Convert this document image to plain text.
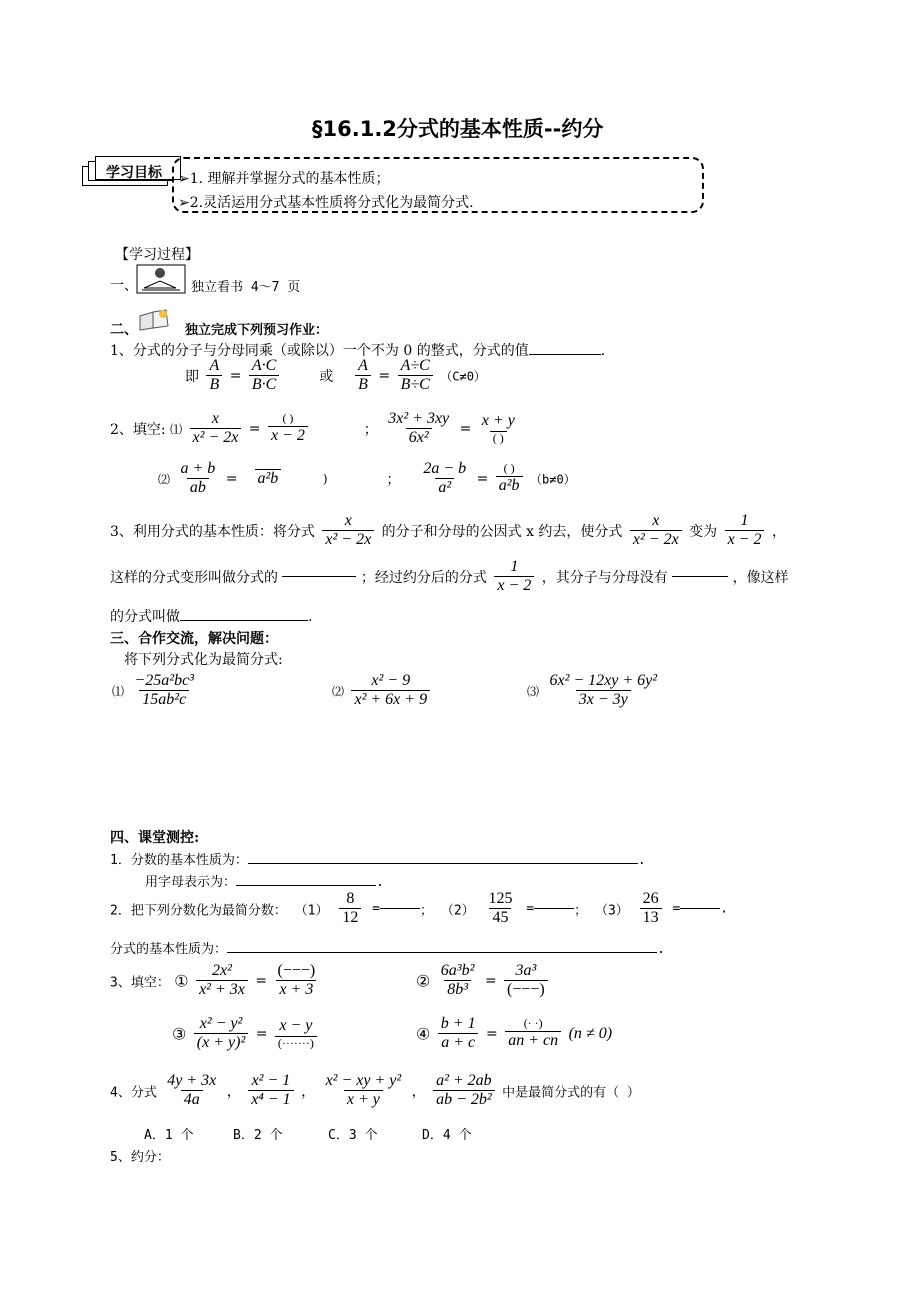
§16.1.2分式的基本性质--约分
学习目标 ➢1. 理解并掌握分式的基本性质；
➢2.灵活运用分式基本性质将分式化为最简分式.
【学习过程】
一、	独立看书 4～7 页
二、	独立完成下列预习作业：
1、分式的分子与分母同乘（或除以）一个不为 0 的整式，分式的值	.
即 $\frac{A}{B} = \frac{A\cdot C}{B\cdot C}$	或 $\frac{A}{B} = \frac{A\div C}{B\div C} (C\ne 0)$
2、填空: ⑴ $\frac{x}{\text{x² − 2x}} = \frac{( )}{x - 2}$	； $\frac{\text{3x² + 3xy}}{\text{6x²}} = \frac{x + y}{( )}$
⑵ $\frac{a + b}{ab} = a^2b$	)	； $\frac{2a - b}{\text{a²}} = \frac{( )}{\text{a²b}} (b\ne 0)$
3、利用分式的基本性质：将分式 $\frac{x}{\text{x² − 2x}}$ 的分子和分母的公因式 x 约去，使分式 $\frac{x}{\text{x² − 2x}}$ 变为 $\frac{1}{x - 2}$ ，
这样的分式变形叫做分式的	；经过约分后的分式 $\frac{1}{x - 2}$ ，其分子与分母没有	，像这样
的分式叫做	.
三、合作交流，解决问题：
将下列分式化为最简分式:
⑴ $\frac{\text{−25a²bc³}}{\text{15ab²c}}$	⑵ $\frac{\text{x² − 9}}{\text{x² + 6x + 9}}$	⑶ $\frac{\text{6x² − 12xy + 6y²}}{3x - 3y}$
四、课堂测控:
1．分数的基本性质为：	.
用字母表示为：	.
2．把下列分数化为最简分数： $(1) \frac{8}{12}$ =	； $(2) \frac{125}{45}$ =	； $(3) \frac{26}{13}$ =	.
分式的基本性质为：	.
3、填空： ① $\frac{\text{2x²}}{\text{x² + 3x}} = \frac{(---)}{x + 3}$	② $\frac{\text{6a³b²}}{\text{8b³}} = \frac{\text{3a³}}{(---)}$
③ $\frac{\text{x² − y²}}{\text{(x + y)²}} = \frac{x - y}{(\cdot\cdot\cdot\cdot\cdot\cdot\cdot)}$	④ $\frac{b + 1}{a + c} = \frac{(\cdot \cdot)}{an + cn} (n \ne 0)$
4、分式 $\frac{4y + 3x}{4a}$ ， $\frac{\text{x² − 1}}{\text{x⁴ − 1}}$ ， $\frac{\text{x² − xy + y²}}{x + y}$ ， $\frac{\text{a² + 2ab}}{\text{ab − 2b²}}$ 中是最简分式的有（ ）
A．1 个	B．2 个	C．3 个	D．4 个
5、约分：
